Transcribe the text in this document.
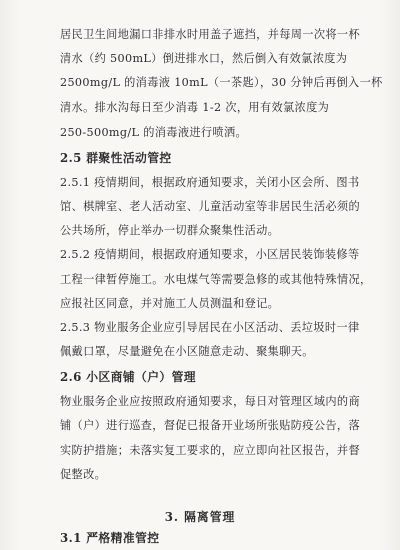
居民卫生间地漏口非排水时用盖子遮挡，并每周一次将一杯

清水（约 500mL）倒进排水口，然后倒入有效氯浓度为

2500mg/L 的消毒液 10mL（一茶匙），30 分钟后再倒入一杯

清水。排水沟每日至少消毒 1-2 次，用有效氯浓度为

250-500mg/L 的消毒液进行喷洒。

2.5 群聚性活动管控

2.5.1 疫情期间，根据政府通知要求，关闭小区会所、图书

馆、棋牌室、老人活动室、儿童活动室等非居民生活必须的

公共场所，停止举办一切群众聚集性活动。

2.5.2 疫情期间，根据政府通知要求，小区居民装饰装修等

工程一律暂停施工。水电煤气等需要急修的或其他特殊情况，

应报社区同意，并对施工人员测温和登记。

2.5.3 物业服务企业应引导居民在小区活动、丢垃圾时一律

佩戴口罩，尽量避免在小区随意走动、聚集聊天。

2.6 小区商铺（户）管理

物业服务企业应按照政府通知要求，每日对管理区域内的商

铺（户）进行巡查，督促已报备开业场所张贴防疫公告，落

实防护措施；未落实复工要求的，应立即向社区报告，并督

促整改。

3. 隔离管理
3.1 严格精准管控
